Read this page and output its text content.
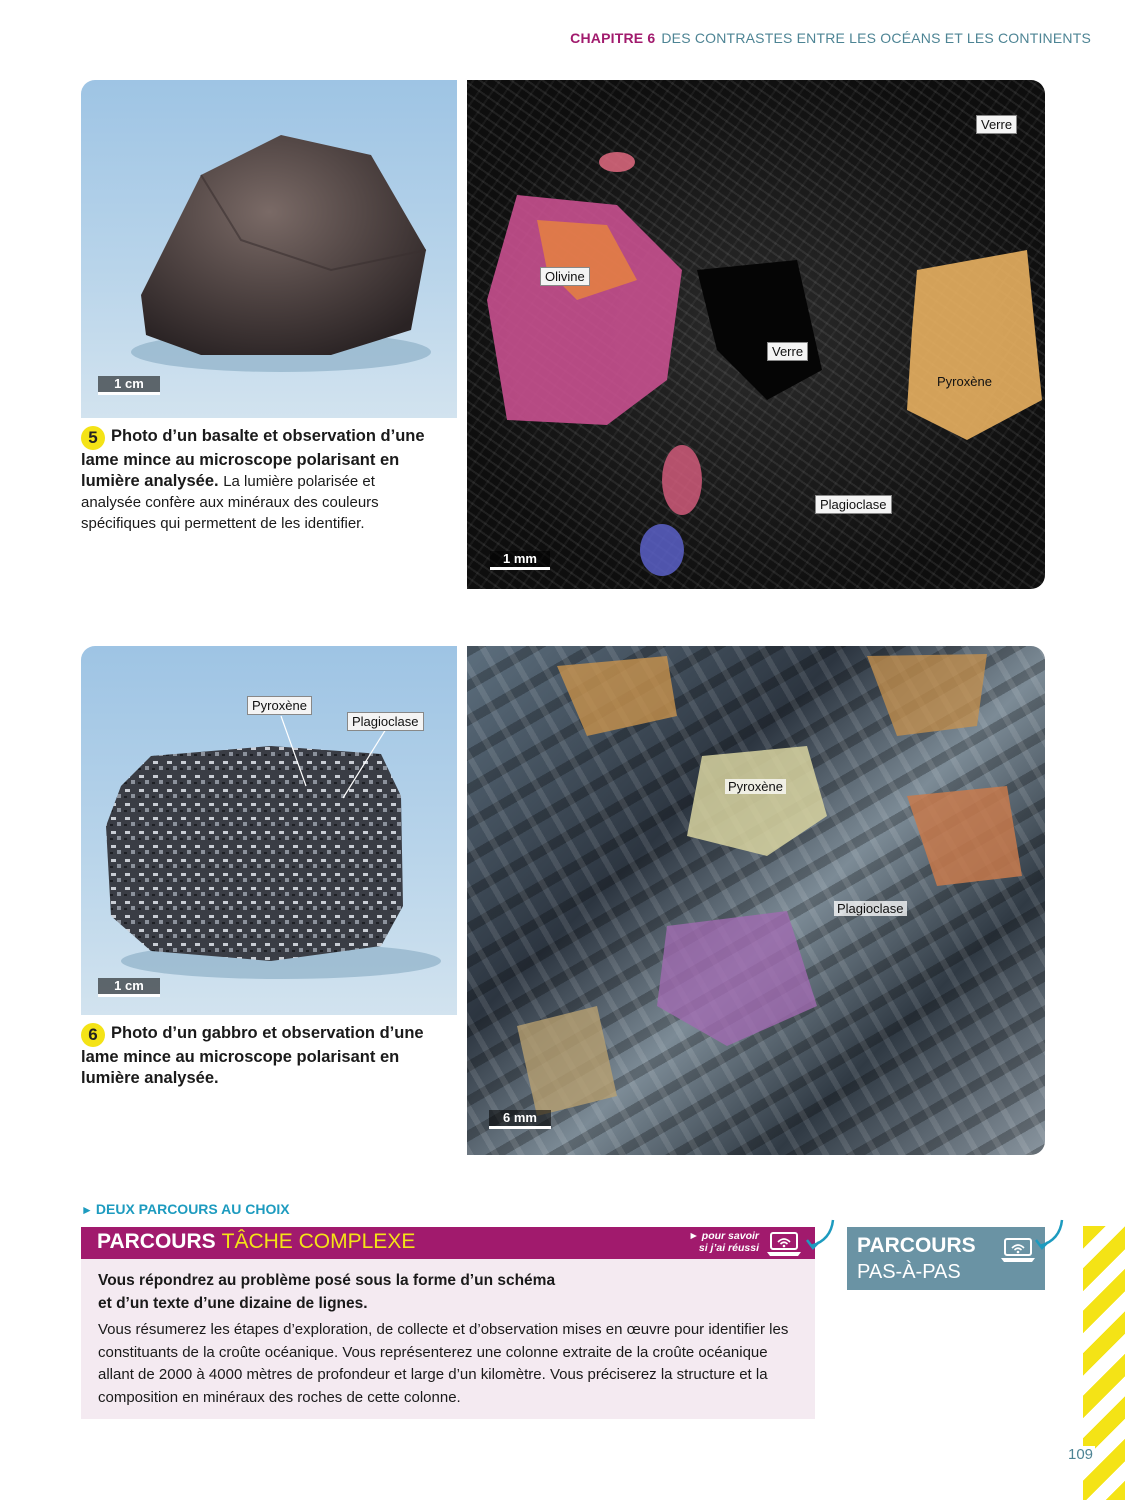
CHAPITRE 6 DES CONTRASTES ENTRE LES OCÉANS ET LES CONTINENTS
1 cm
Verre
Olivine
Verre
Pyroxène
Plagioclase
1 mm
5 Photo d’un basalte et observation d’une lame mince au microscope polarisant en lumière analysée. La lumière polarisée et analysée confère aux minéraux des couleurs spécifiques qui permettent de les identifier.
Pyroxène
Plagioclase
1 cm
Pyroxène
Plagioclase
6 mm
6 Photo d’un gabbro et observation d’une lame mince au microscope polarisant en lumière analysée.
► DEUX PARCOURS AU CHOIX
PARCOURS TÂCHE COMPLEXE	► pour savoir
si j’ai réussi
Vous répondrez au problème posé sous la forme d’un schéma
et d’un texte d’une dizaine de lignes.
Vous résumerez les étapes d’exploration, de collecte et d’observation mises en œuvre pour identifier les constituants de la croûte océanique. Vous représenterez une colonne extraite de la croûte océanique allant de 2000 à 4000 mètres de profondeur et large d’un kilomètre. Vous préciserez la structure et la composition en minéraux des roches de cette colonne.
PARCOURS
PAS-À-PAS
109
